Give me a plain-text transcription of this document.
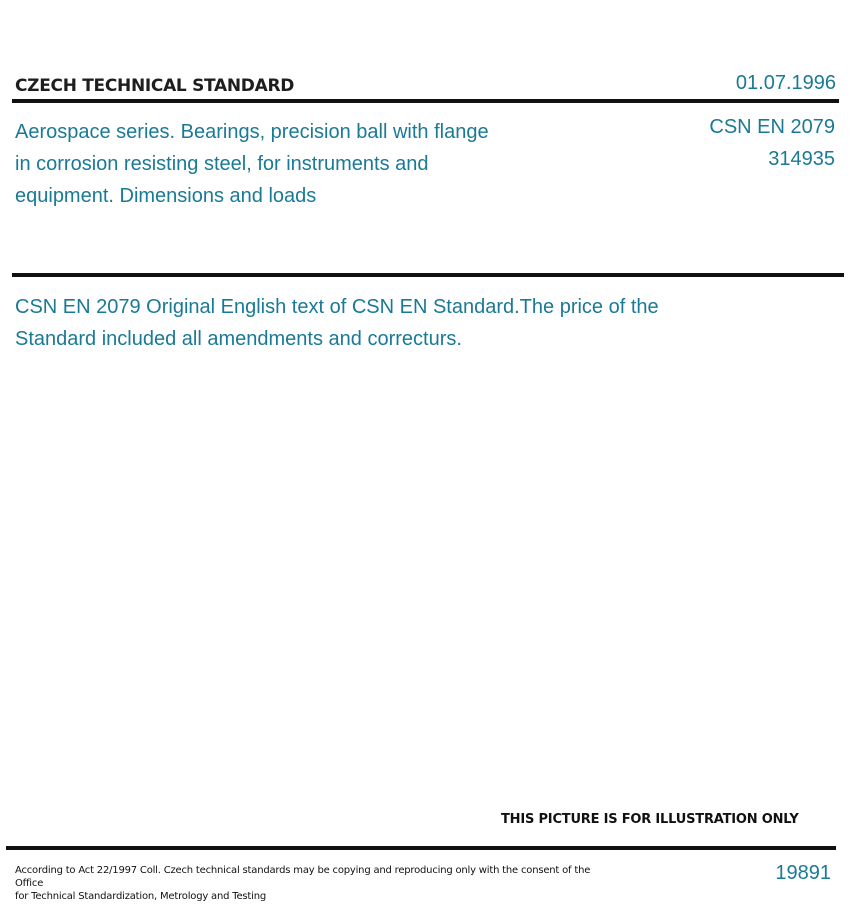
CZECH TECHNICAL STANDARD	01.07.1996
Aerospace series. Bearings, precision ball with flange in corrosion resisting steel, for instruments and equipment. Dimensions and loads
CSN EN 2079
314935
CSN EN 2079 Original English text of CSN EN Standard.The price of the Standard included all amendments and correcturs.
THIS PICTURE IS FOR ILLUSTRATION ONLY
According to Act 22/1997 Coll. Czech technical standards may be copying and reproducing only with the consent of the Office
for Technical Standardization, Metrology and Testing
19891
